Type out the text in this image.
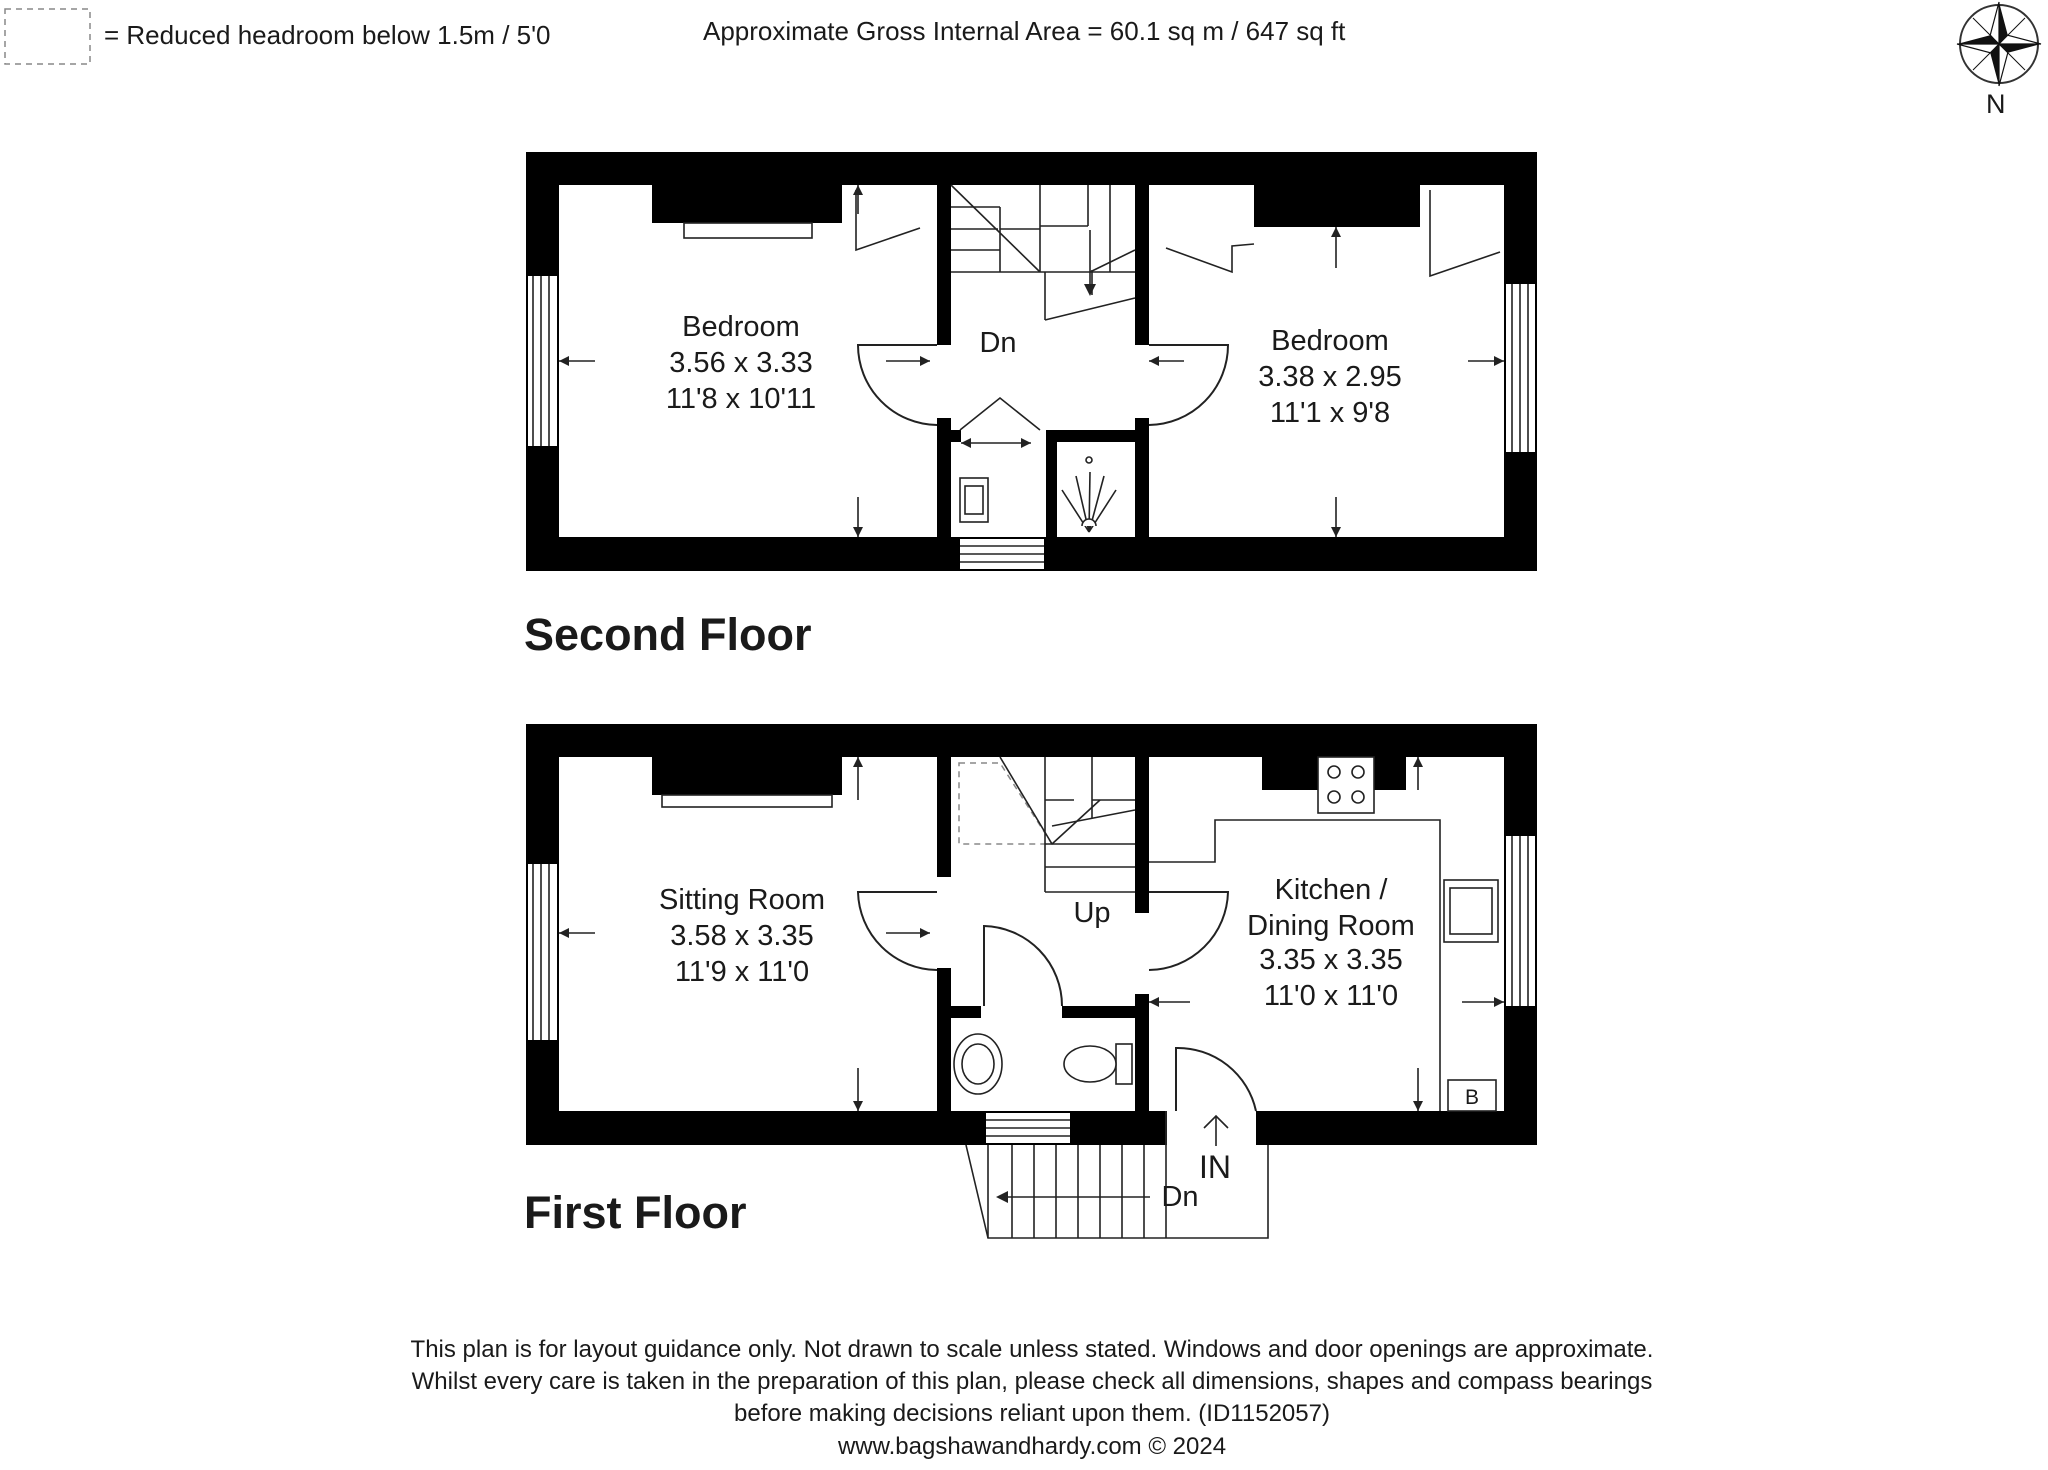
= Reduced headroom below 1.5m / 5'0	Approximate Gross Internal Area = 60.1 sq m / 647 sq ft
N
Dn
Bedroom
3.56 x 3.33
11'8 x 10'11
Bedroom
3.38 x 2.95
11'1 x 9'8
Second Floor
B
Up
Dn
IN
Sitting Room
3.58 x 3.35
11'9 x 11'0
Kitchen /
Dining Room
3.35 x 3.35
11'0 x 11'0
First Floor
This plan is for layout guidance only. Not drawn to scale unless stated. Windows and door openings are approximate.
Whilst every care is taken in the preparation of this plan, please check all dimensions, shapes and compass bearings
before making decisions reliant upon them. (ID1152057)
www.bagshawandhardy.com © 2024
